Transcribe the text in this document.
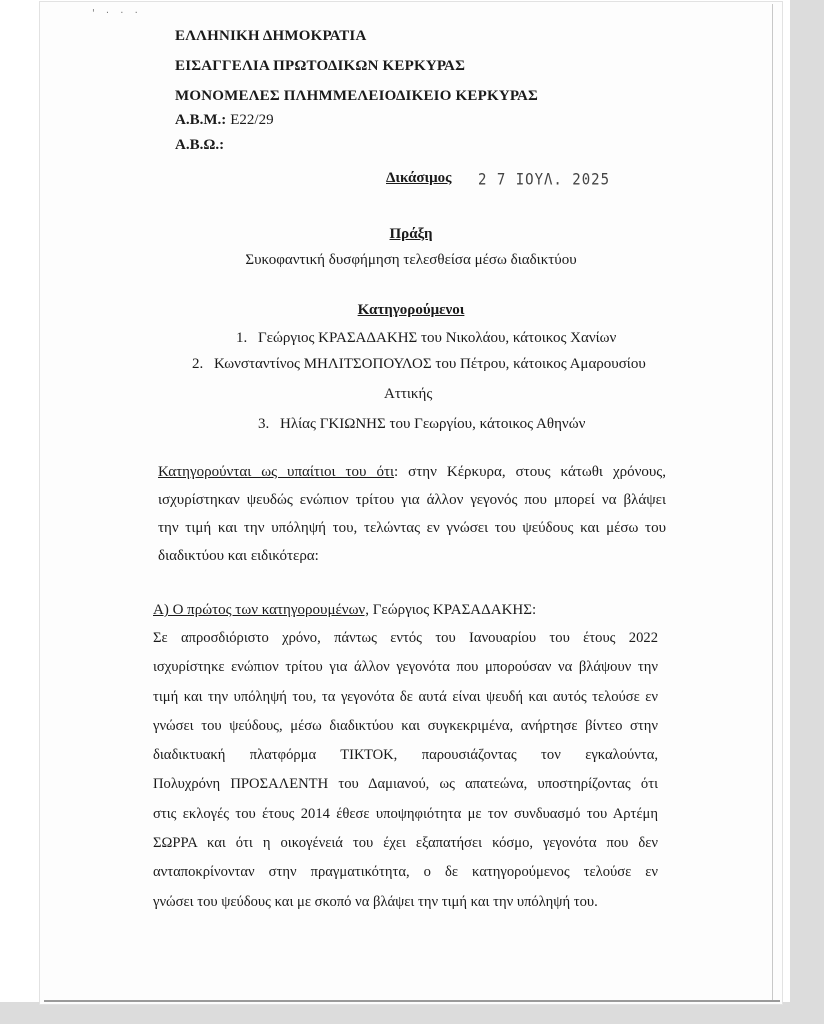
' · · ·
ΕΛΛΗΝΙΚΗ ΔΗΜΟΚΡΑΤΙΑ
ΕΙΣΑΓΓΕΛΙΑ ΠΡΩΤΟΔΙΚΩΝ ΚΕΡΚΥΡΑΣ
ΜΟΝΟΜΕΛΕΣ ΠΛΗΜΜΕΛΕΙΟΔΙΚΕΙΟ ΚΕΡΚΥΡΑΣ
Α.Β.Μ.: Ε22/29
Α.Β.Ω.:
Δικάσιμος 2 7 ΙΟΥΛ. 2025
Πράξη
Συκοφαντική δυσφήμηση τελεσθείσα μέσω διαδικτύου
Κατηγορούμενοι
1. Γεώργιος ΚΡΑΣΑΔΑΚΗΣ του Νικολάου, κάτοικος Χανίων
2. Κωνσταντίνος ΜΗΛΙΤΣΟΠΟΥΛΟΣ του Πέτρου, κάτοικος Αμαρουσίου
Αττικής
3. Ηλίας ΓΚΙΩΝΗΣ του Γεωργίου, κάτοικος Αθηνών
Κατηγορούνται ως υπαίτιοι του ότι: στην Κέρκυρα, στους κάτωθι χρόνους,
ισχυρίστηκαν ψευδώς ενώπιον τρίτου για άλλον γεγονός που μπορεί να βλάψει
την τιμή και την υπόληψή του, τελώντας εν γνώσει του ψεύδους και μέσω του
διαδικτύου και ειδικότερα:
Α) Ο πρώτος των κατηγορουμένων, Γεώργιος ΚΡΑΣΑΔΑΚΗΣ:
Σε απροσδιόριστο χρόνο, πάντως εντός του Ιανουαρίου του έτους 2022
ισχυρίστηκε ενώπιον τρίτου για άλλον γεγονότα που μπορούσαν να βλάψουν την
τιμή και την υπόληψή του, τα γεγονότα δε αυτά είναι ψευδή και αυτός τελούσε εν
γνώσει του ψεύδους, μέσω διαδικτύου και συγκεκριμένα, ανήρτησε βίντεο στην
διαδικτυακή πλατφόρμα ΤΙΚΤΟΚ, παρουσιάζοντας τον εγκαλούντα,
Πολυχρόνη ΠΡΟΣΑΛΕΝΤΗ του Δαμιανού, ως απατεώνα, υποστηρίζοντας ότι
στις εκλογές του έτους 2014 έθεσε υποψηφιότητα με τον συνδυασμό του Αρτέμη
ΣΩΡΡΑ και ότι η οικογένειά του έχει εξαπατήσει κόσμο, γεγονότα που δεν
ανταποκρίνονταν στην πραγματικότητα, ο δε κατηγορούμενος τελούσε εν
γνώσει του ψεύδους και με σκοπό να βλάψει την τιμή και την υπόληψή του.
